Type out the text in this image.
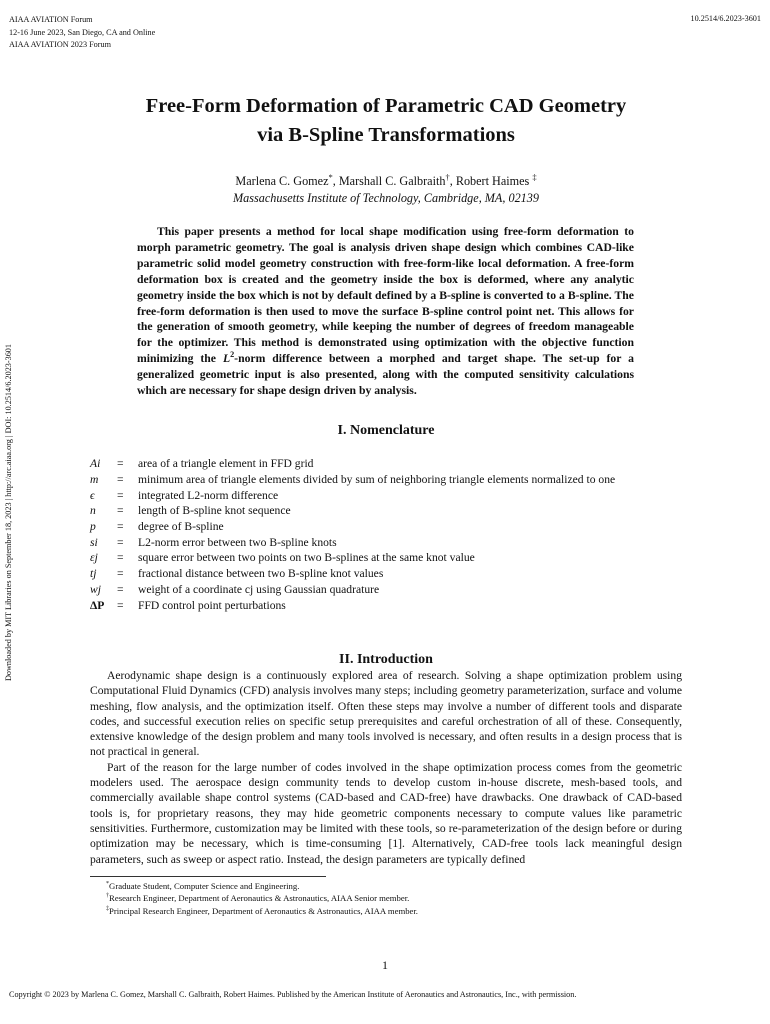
AIAA AVIATION Forum
12-16 June 2023, San Diego, CA and Online
AIAA AVIATION 2023 Forum
10.2514/6.2023-3601
Downloaded by MIT Libraries on September 18, 2023 | http://arc.aiaa.org | DOI: 10.2514/6.2023-3601
Free-Form Deformation of Parametric CAD Geometry
via B-Spline Transformations
Marlena C. Gomez*, Marshall C. Galbraith†, Robert Haimes ‡
Massachusetts Institute of Technology, Cambridge, MA, 02139
This paper presents a method for local shape modification using free-form deformation to morph parametric geometry. The goal is analysis driven shape design which combines CAD-like parametric solid model geometry construction with free-form-like local deformation. A free-form deformation box is created and the geometry inside the box is deformed, where any analytic geometry inside the box which is not by default defined by a B-spline is converted to a B-spline. The free-form deformation is then used to move the surface B-spline control point net. This allows for the generation of smooth geometry, while keeping the number of degrees of freedom manageable for the optimizer. This method is demonstrated using optimization with the objective function minimizing the $L^2$-norm difference between a morphed and target shape. The set-up for a generalized geometric input is also presented, along with the computed sensitivity calculations which are necessary for shape design driven by analysis.
I. Nomenclature
Ai	=	area of a triangle element in FFD grid
m	=	minimum area of triangle elements divided by sum of neighboring triangle elements normalized to one
ϵ	=	integrated L2-norm difference
n	=	length of B-spline knot sequence
p	=	degree of B-spline
si	=	L2-norm error between two B-spline knots
εj	=	square error between two points on two B-splines at the same knot value
tj	=	fractional distance between two B-spline knot values
wj	=	weight of a coordinate cj using Gaussian quadrature
ΔP	=	FFD control point perturbations
II. Introduction

Aerodynamic shape design is a continuously explored area of research. Solving a shape optimization problem using Computational Fluid Dynamics (CFD) analysis involves many steps; including geometry parameterization, surface and volume meshing, flow analysis, and the optimization itself. Often these steps may involve a number of different tools and disparate codes, and successful execution relies on specific setup prerequisites and careful orchestration of all of these. Consequently, extensive knowledge of the design problem and many tools involved is necessary, and often results in a design process that is not practical in general.

Part of the reason for the large number of codes involved in the shape optimization process comes from the geometric modelers used. The aerospace design community tends to develop custom in-house discrete, mesh-based tools, and commercially available shape control systems (CAD-based and CAD-free) have drawbacks. One drawback of CAD-based tools is, for proprietary reasons, they may hide geometric components necessary to compute values like parametric sensitivities. Furthermore, customization may be limited with these tools, so re-parameterization of the design before or during optimization may be necessary, which is time-consuming [1]. Alternatively, CAD-free tools lack meaningful design parameters, such as sweep or aspect ratio. Instead, the design parameters are typically defined

*Graduate Student, Computer Science and Engineering.
†Research Engineer, Department of Aeronautics & Astronautics, AIAA Senior member.
‡Principal Research Engineer, Department of Aeronautics & Astronautics, AIAA member.
1
Copyright © 2023 by Marlena C. Gomez, Marshall C. Galbraith, Robert Haimes. Published by the American Institute of Aeronautics and Astronautics, Inc., with permission.
